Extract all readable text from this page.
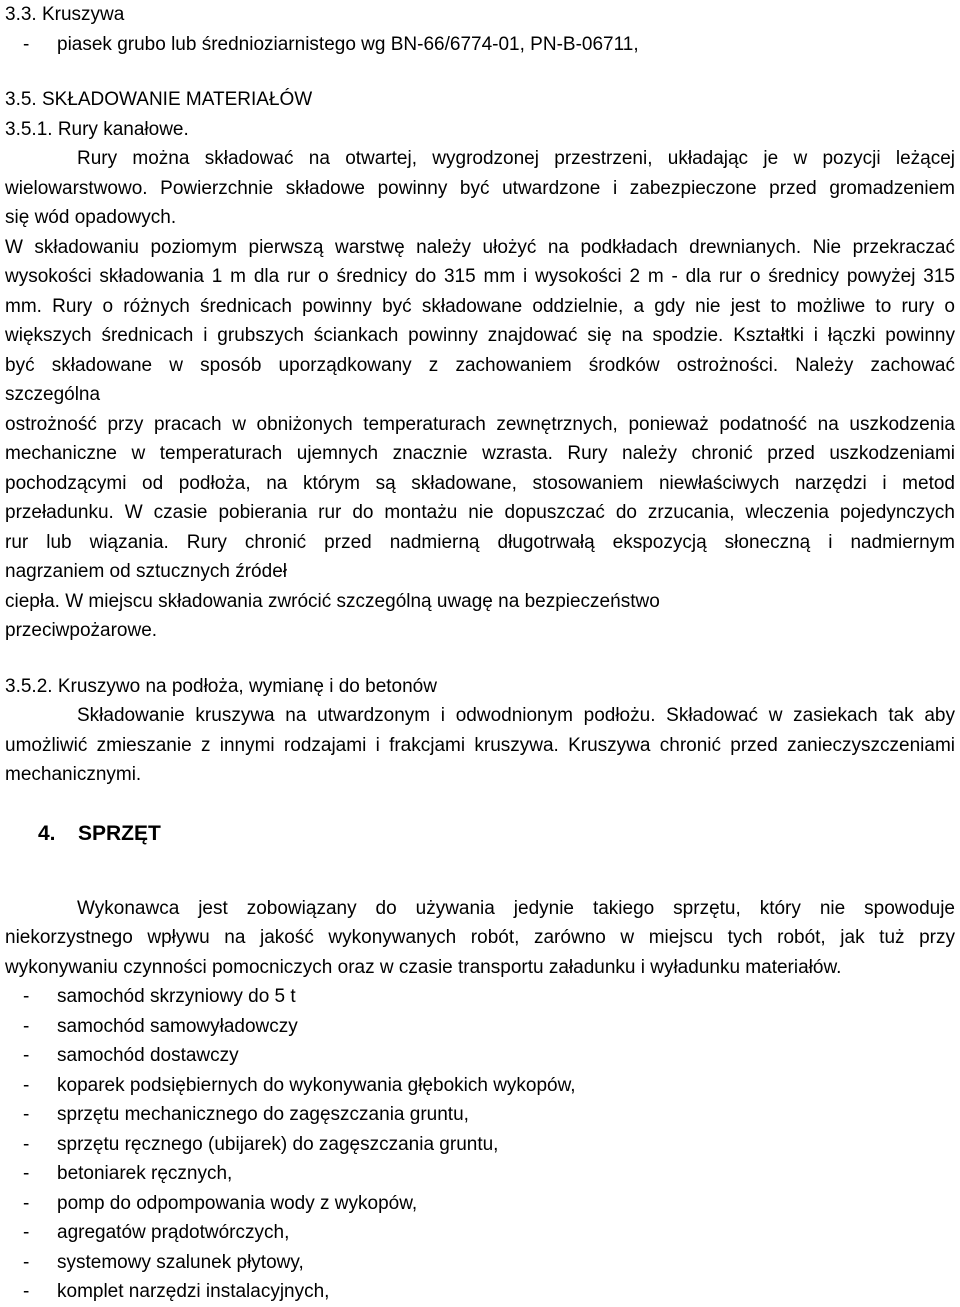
3.3. Kruszywa
-	piasek grubo lub średnioziarnistego wg BN-66/6774-01, PN-B-06711,
3.5. SKŁADOWANIE MATERIAŁÓW
3.5.1. Rury kanałowe.
Rury można składować na otwartej, wygrodzonej przestrzeni, układając je w pozycji leżącej
wielowarstwowo. Powierzchnie składowe powinny być utwardzone i zabezpieczone przed gromadzeniem
się wód opadowych.
W składowaniu poziomym pierwszą warstwę należy ułożyć na podkładach drewnianych. Nie przekraczać
wysokości składowania 1 m dla rur o średnicy do 315 mm i wysokości 2 m - dla rur o średnicy powyżej 315
mm. Rury o różnych średnicach powinny być składowane oddzielnie, a gdy nie jest to możliwe to rury o
większych średnicach i grubszych ściankach powinny znajdować się na spodzie. Kształtki i łączki powinny
być składowane w sposób uporządkowany z zachowaniem środków ostrożności. Należy zachować
szczególna
ostrożność przy pracach w obniżonych temperaturach zewnętrznych, ponieważ podatność na uszkodzenia
mechaniczne w temperaturach ujemnych znacznie wzrasta. Rury należy chronić przed uszkodzeniami
pochodzącymi od podłoża, na którym są składowane, stosowaniem niewłaściwych narzędzi i metod
przeładunku. W czasie pobierania rur do montażu nie dopuszczać do zrzucania, wleczenia pojedynczych
rur lub wiązania. Rury chronić przed nadmierną długotrwałą ekspozycją słoneczną i nadmiernym
nagrzaniem od sztucznych źródeł
ciepła. W miejscu składowania zwrócić szczególną uwagę na bezpieczeństwo
przeciwpożarowe.
3.5.2. Kruszywo na podłoża, wymianę i do betonów
Składowanie kruszywa na utwardzonym i odwodnionym podłożu. Składować w zasiekach tak aby
umożliwić zmieszanie z innymi rodzajami i frakcjami kruszywa. Kruszywa chronić przed zanieczyszczeniami
mechanicznymi.
4. SPRZĘT
Wykonawca jest zobowiązany do używania jedynie takiego sprzętu, który nie spowoduje
niekorzystnego wpływu na jakość wykonywanych robót, zarówno w miejscu tych robót, jak tuż przy
wykonywaniu czynności pomocniczych oraz w czasie transportu załadunku i wyładunku materiałów.
-	samochód skrzyniowy do 5 t
-	samochód samowyładowczy
-	samochód dostawczy
-	koparek podsiębiernych do wykonywania głębokich wykopów,
-	sprzętu mechanicznego do zagęszczania gruntu,
-	sprzętu ręcznego (ubijarek) do zagęszczania gruntu,
-	betoniarek ręcznych,
-	pomp do odpompowania wody z wykopów,
-	agregatów prądotwórczych,
-	systemowy szalunek płytowy,
-	komplet narzędzi instalacyjnych,
